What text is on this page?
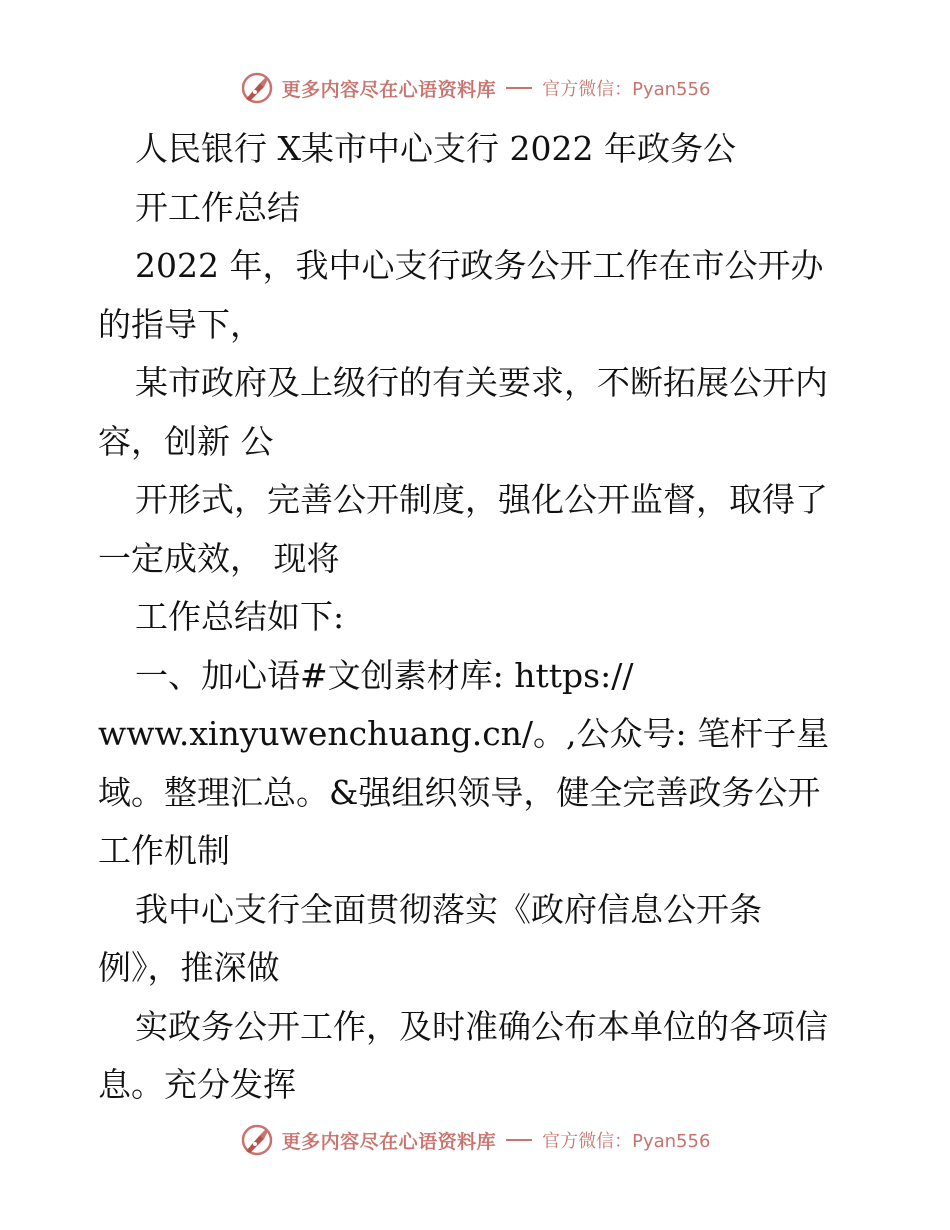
更多内容尽在心语资料库	官方微信：Pyan556
人民银行 X某市中心支行 2022 年政务公
开工作总结
2022 年，我中心支行政务公开工作在市公开办
的指导下，
某市政府及上级行的有关要求，不断拓展公开内
容，创新 公
开形式，完善公开制度，强化公开监督，取得了
一定成效， 现将
工作总结如下:
一、加心语#文创素材库: https://
www.xinyuwenchuang.cn/。,公众号: 笔杆子星
域。整理汇总。&强组织领导，健全完善政务公开
工作机制
我中心支行全面贯彻落实《政府信息公开条
例》，推深做
实政务公开工作，及时准确公布本单位的各项信
息。充分发挥
更多内容尽在心语资料库	官方微信：Pyan556
